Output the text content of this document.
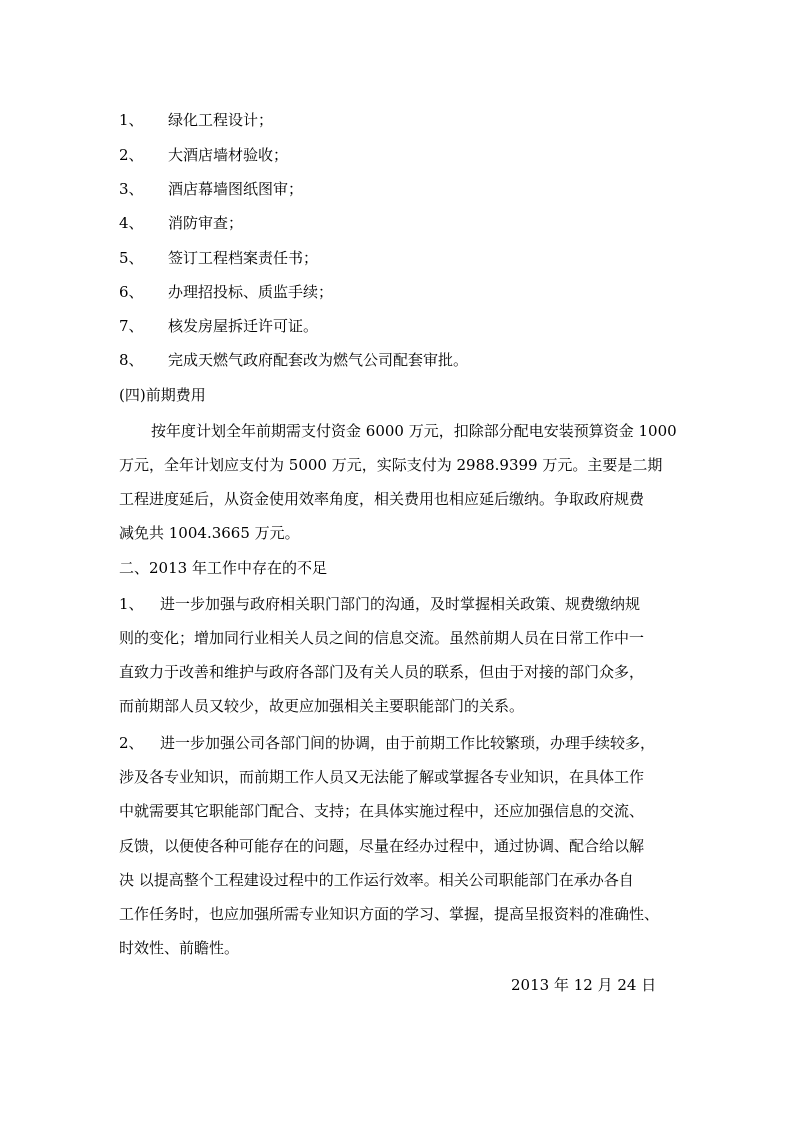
1、 绿化工程设计；
2、 大酒店墙材验收；
3、 酒店幕墙图纸图审；
4、 消防审查；
5、 签订工程档案责任书；
6、 办理招投标、质监手续；
7、 核发房屋拆迁许可证。
8、 完成天燃气政府配套改为燃气公司配套审批。
(四)前期费用
按年度计划全年前期需支付资金 6000 万元，扣除部分配电安装预算资金 1000
万元，全年计划应支付为 5000 万元，实际支付为 2988.9399 万元。主要是二期
工程进度延后，从资金使用效率角度，相关费用也相应延后缴纳。争取政府规费
减免共 1004.3665 万元。
二、2013 年工作中存在的不足
1、 进一步加强与政府相关职门部门的沟通，及时掌握相关政策、规费缴纳规
则的变化；增加同行业相关人员之间的信息交流。虽然前期人员在日常工作中一
直致力于改善和维护与政府各部门及有关人员的联系，但由于对接的部门众多，
而前期部人员又较少，故更应加强相关主要职能部门的关系。
2、 进一步加强公司各部门间的协调，由于前期工作比较繁琐，办理手续较多，
涉及各专业知识，而前期工作人员又无法能了解或掌握各专业知识，在具体工作
中就需要其它职能部门配合、支持；在具体实施过程中，还应加强信息的交流、
反馈，以便使各种可能存在的问题，尽量在经办过程中，通过协调、配合给以解
决 以提高整个工程建设过程中的工作运行效率。相关公司职能部门在承办各自
工作任务时，也应加强所需专业知识方面的学习、掌握，提高呈报资料的准确性、
时效性、前瞻性。
2013 年 12 月 24 日
